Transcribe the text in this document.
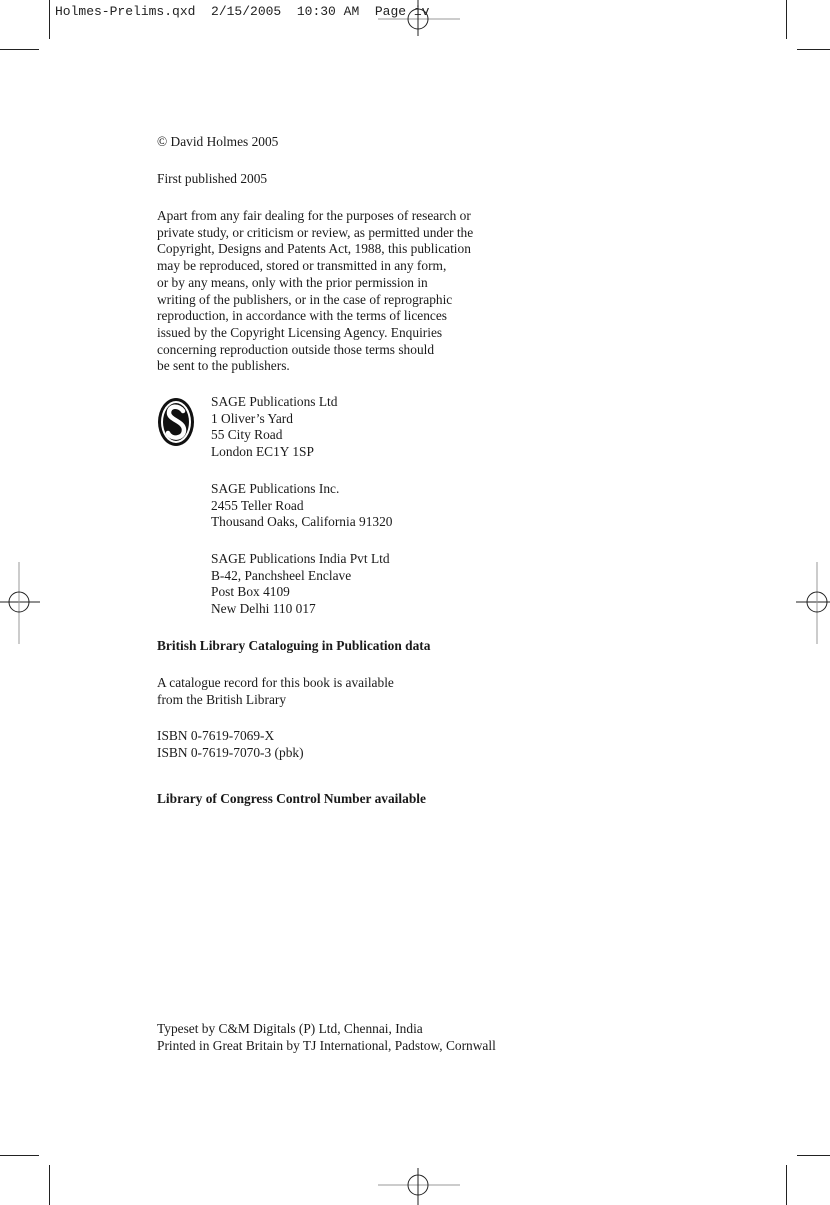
Holmes-Prelims.qxd  2/15/2005  10:30 AM  Page iv
© David Holmes 2005
First published 2005
Apart from any fair dealing for the purposes of research or
private study, or criticism or review, as permitted under the
Copyright, Designs and Patents Act, 1988, this publication
may be reproduced, stored or transmitted in any form,
or by any means, only with the prior permission in
writing of the publishers, or in the case of reprographic
reproduction, in accordance with the terms of licences
issued by the Copyright Licensing Agency. Enquiries
concerning reproduction outside those terms should
be sent to the publishers.
SAGE Publications Ltd
1 Oliver’s Yard
55 City Road
London EC1Y 1SP
SAGE Publications Inc.
2455 Teller Road
Thousand Oaks, California 91320
SAGE Publications India Pvt Ltd
B-42, Panchsheel Enclave
Post Box 4109
New Delhi 110 017
British Library Cataloguing in Publication data
A catalogue record for this book is available
from the British Library
ISBN 0-7619-7069-X
ISBN 0-7619-7070-3 (pbk)
Library of Congress Control Number available
Typeset by C&M Digitals (P) Ltd, Chennai, India
Printed in Great Britain by TJ International, Padstow, Cornwall
